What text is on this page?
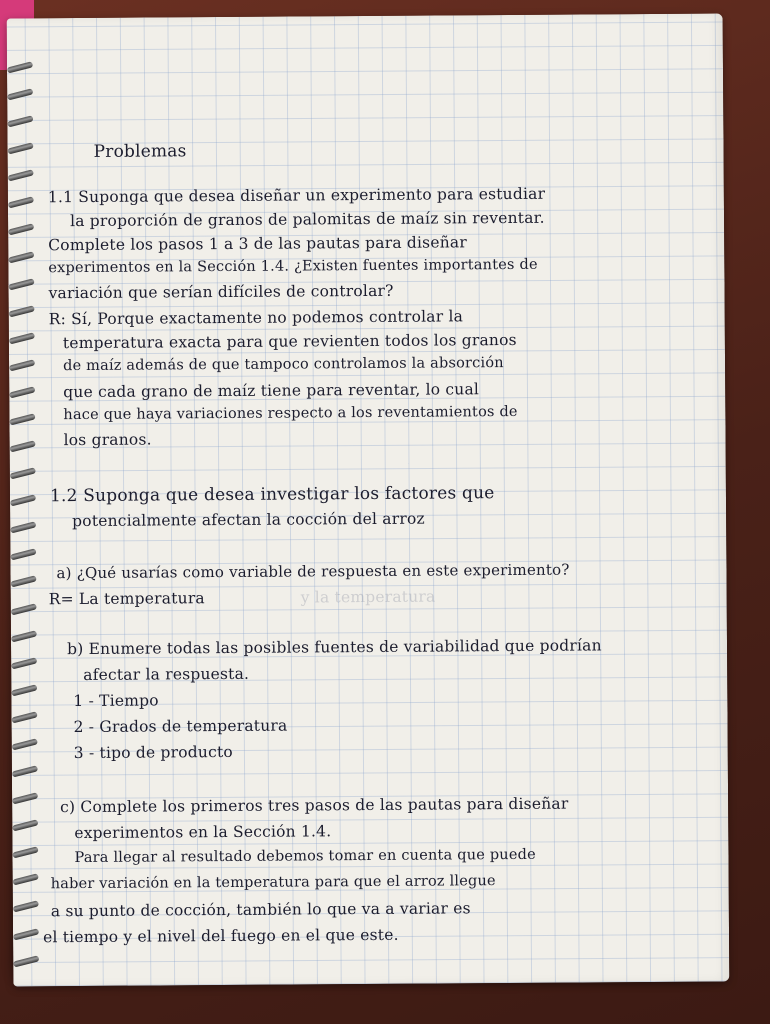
Problemas
1.1 Suponga que desea diseñar un experimento para estudiar
la proporción de granos de palomitas de maíz sin reventar.
Complete los pasos 1 a 3 de las pautas para diseñar
experimentos en la Sección 1.4. ¿Existen fuentes importantes de
variación que serían difíciles de controlar?
R: Sí, Porque exactamente no podemos controlar la
temperatura exacta para que revienten todos los granos
de maíz además de que tampoco controlamos la absorción
que cada grano de maíz tiene para reventar, lo cual
hace que haya variaciones respecto a los reventamientos de
los granos.
1.2 Suponga que desea investigar los factores que
potencialmente afectan la cocción del arroz
a) ¿Qué usarías como variable de respuesta en este experimento?
R= La temperatura	y la temperatura
b) Enumere todas las posibles fuentes de variabilidad que podrían
afectar la respuesta.
1 - Tiempo
2 - Grados de temperatura
3 - tipo de producto
c) Complete los primeros tres pasos de las pautas para diseñar
experimentos en la Sección 1.4.
Para llegar al resultado debemos tomar en cuenta que puede
haber variación en la temperatura para que el arroz llegue
a su punto de cocción, también lo que va a variar es
el tiempo y el nivel del fuego en el que este.
